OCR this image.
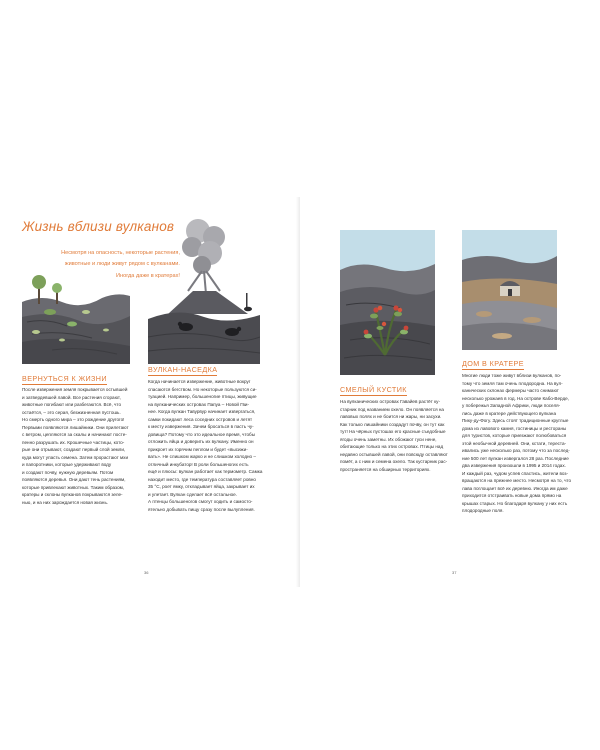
Жизнь вблизи вулканов
Несмотря на опасность, некоторые растения,
животные и люди живут рядом с вулканами.
Иногда даже в кратерах!
ВЕРНУТЬСЯ К ЖИЗНИ
После извержения земля покрывается остывшей
и затвердевшей лавой. Все растения сгорают,
животные погибают или разбегаются. Всё, что
остаётся, – это серая, безжизненная пустошь.
Но смерть одного мира – это рождение другого!
Первыми появляются лишайники. Они прилетают
с ветром, цепляются за скалы и начинают посте-
пенно разрушать их. Крошечные частицы, кото-
рые они отрывают, создают первый слой земли,
куда могут упасть семена. Затем прорастают мхи
и папоротники, которые удерживают воду
и создают почву, нужную деревьям. Потом
появляются деревья. Они дают тень растениям,
которые привлекают животных. Таким образом,
кратеры и склоны вулканов покрываются зеле-
нью, и на них зарождается новая жизнь.
ВУЛКАН-НАСЕДКА
Когда начинается извержение, животные вокруг
спасаются бегством. Но некоторые пользуются си-
туацией. Например, большеногие птицы, живущие
на вулканических островах Папуа – Новой Гви-
нее. Когда вулкан Тавурвур начинает извергаться,
самки покидают леса соседних островов и летят
к месту извержения. Зачем бросаться в пасть чу-
довища? Потому что это идеальное время, чтобы
отложить яйца и доверить их вулкану. Именно он
прикроет их горячим пеплом и будет «высижи-
вать». Не слишком жарко и не слишком холодно –
отличный инкубатор! В роли большеногих есть
ещё и плюсы: вулкан работает как термометр. Самка
находит место, где температура составляет ровно
35 °C, роет ямку, откладывает яйца, закрывает их
и улетает. Вулкан сделает всё остальное.
А птенцы большеногов смогут ходить и самосто-
ятельно добывать пищу сразу после вылупления.
36
СМЕЛЫЙ КУСТИК
На вулканических островах Гавайев растёт ку-
старник под названием охело. Он появляется на
лавовых полях и не боится ни жары, ни засухи.
Как только лишайники создадут почву, он тут как
тут! На чёрных пустошах его красные съедобные
ягоды очень заметны. Их обожают гуси нене,
обитающие только на этих островах. Птицы над
недавно остывшей лавой, они повсюду оставляют
помёт, а с ним и семена охело. Так кустарник рас-
пространяется на обширных территориях.
ДОМ В КРАТЕРЕ
Многие люди тоже живут вблизи вулканов, по-
тому что земля там очень плодородна. На вул-
канических склонах фермеры часто снимают
несколько урожаев в год. На острове Кабо-Верде,
у побережья Западной Африки, люди поселя-
лись даже в кратере действующего вулкана
Пику-ду-Фогу. Здесь стоят традиционные круглые
дома из лавового камня, гостиницы и рестораны
для туристов, которые приезжают полюбоваться
этой необычной деревней. Они, кстати, тереста-
ивались уже несколько раз, потому что за послед-
ние 500 лет вулкан извергался 28 раз. Последние
два извержения произошли в 1995 и 2014 годах.
И каждый раз, чудом успев спастись, жители воз-
вращаются на прежнее место. Несмотря на то, что
лава поглощает всё их деревню. Иногда им даже
приходится отстраивать новые дома прямо на
крышах старых. Но благодаря вулкану у них есть
плодородные поля.
37
